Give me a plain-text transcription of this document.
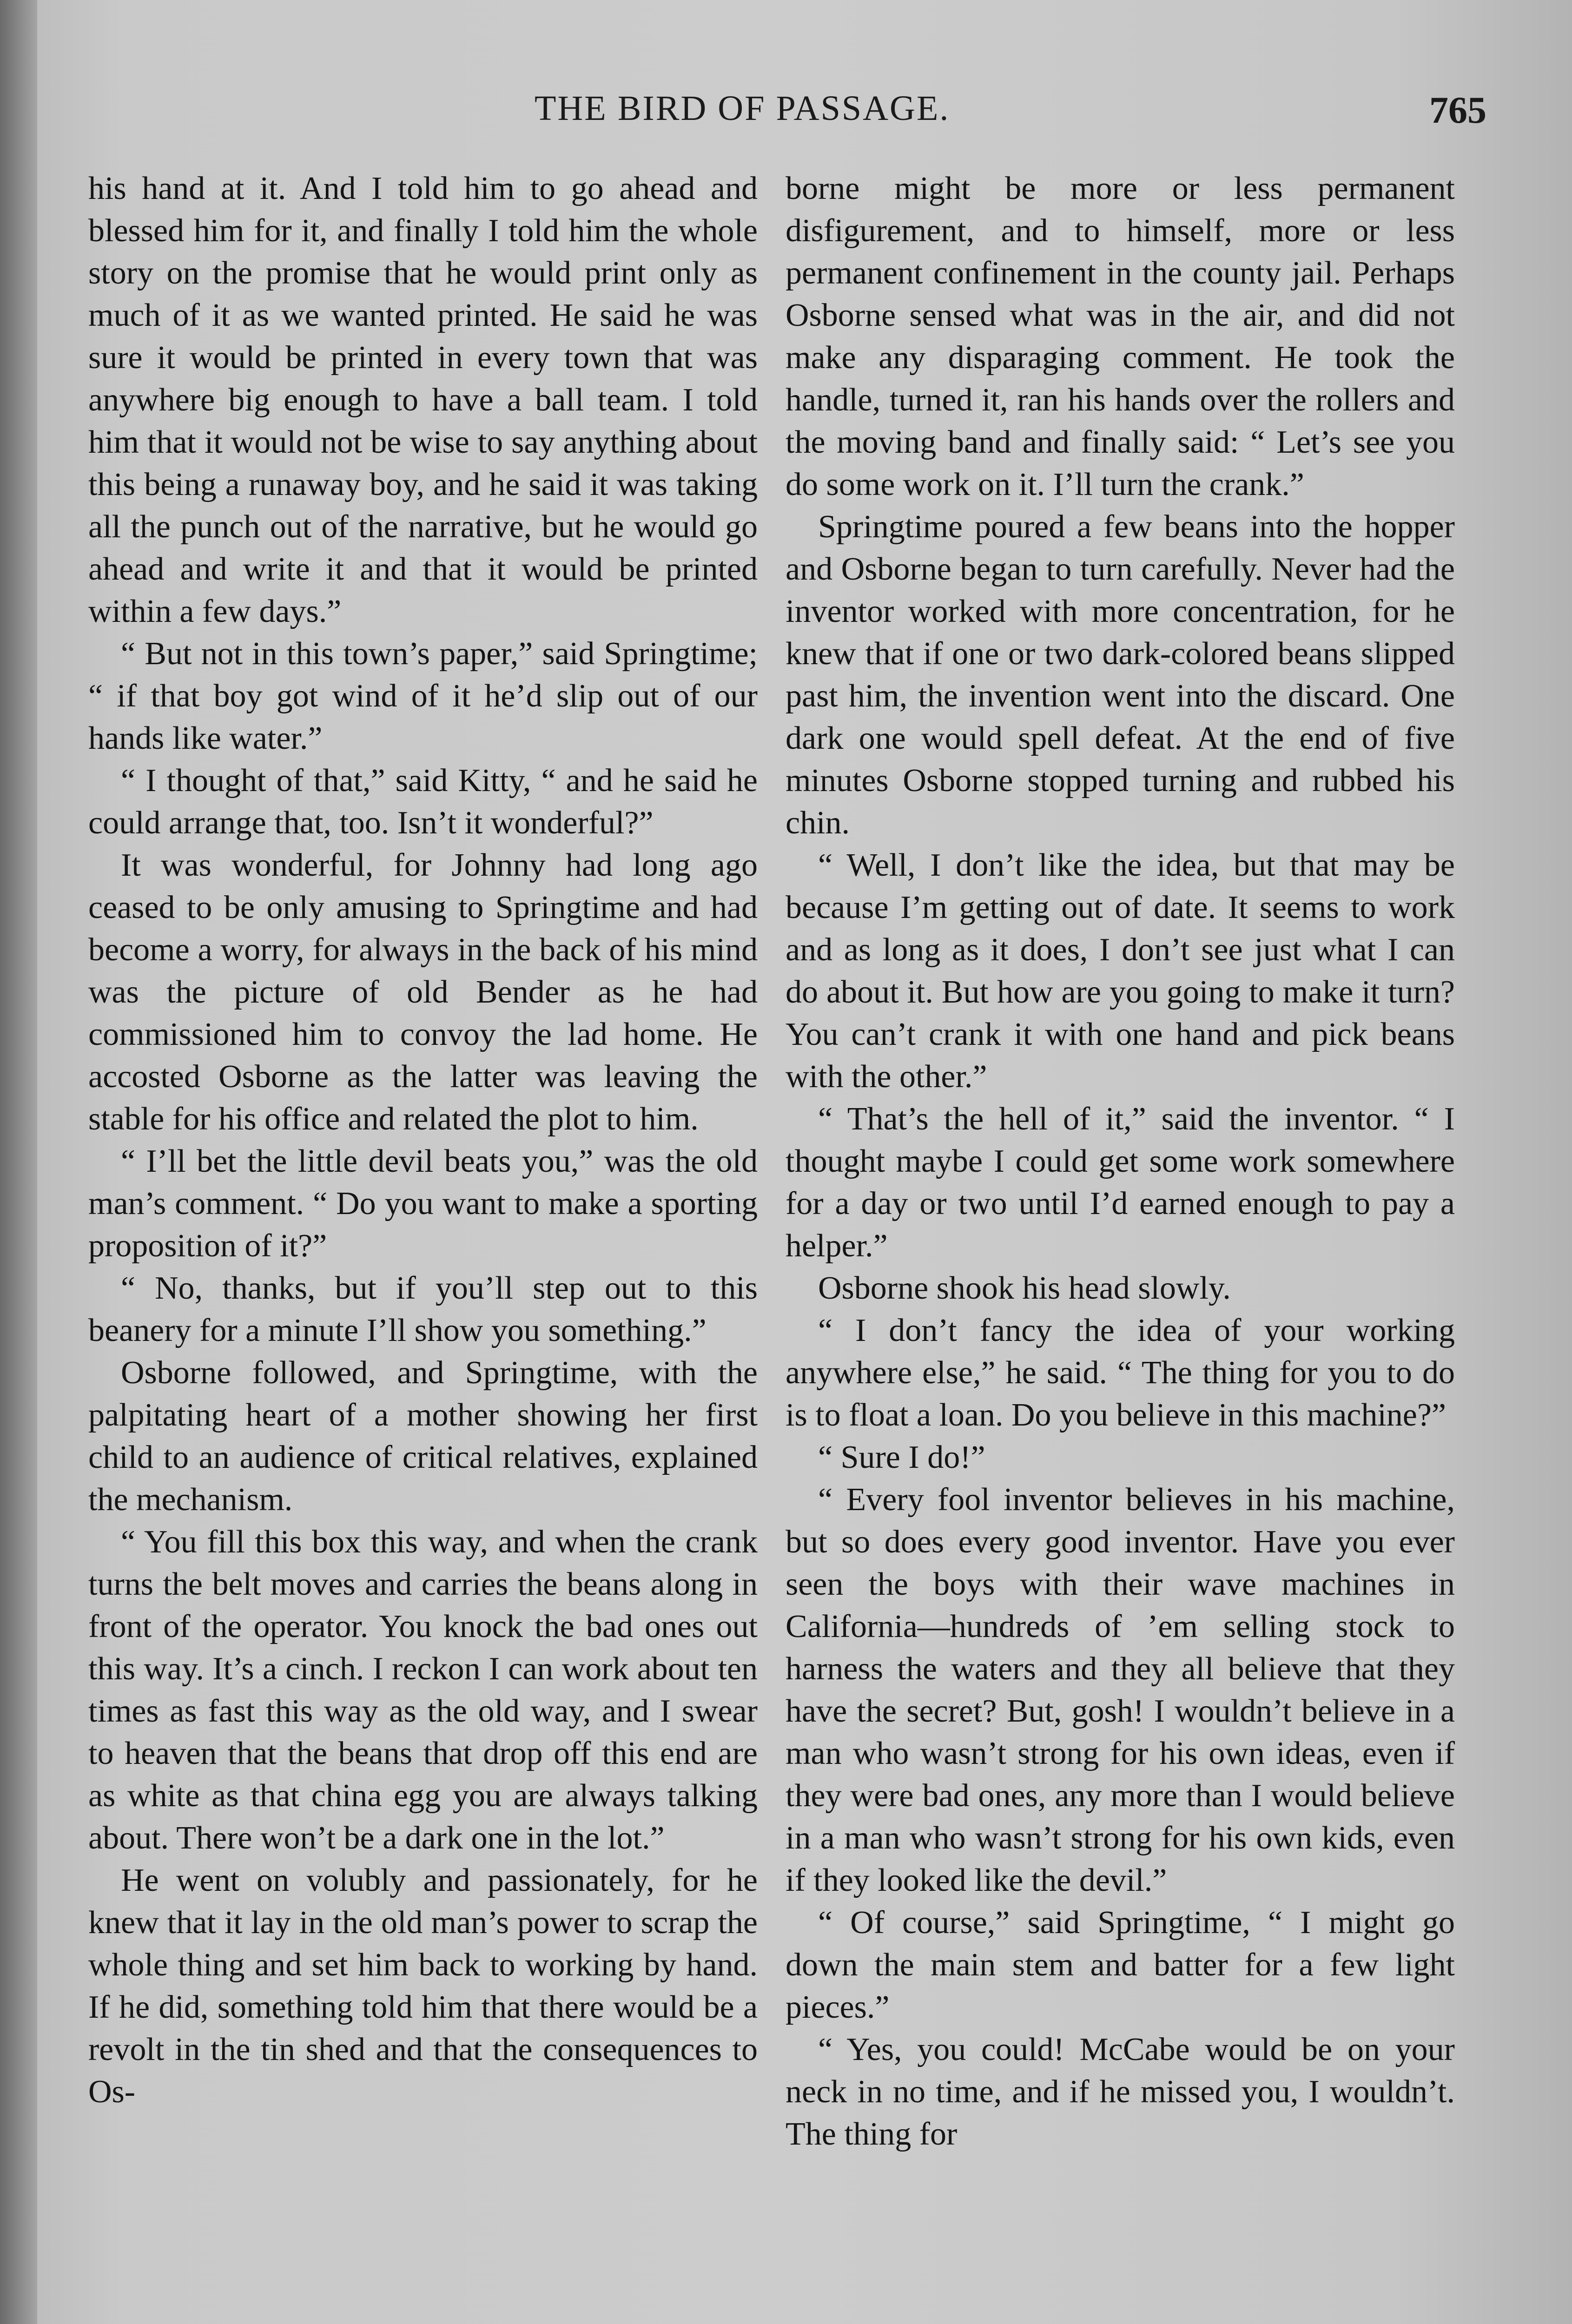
THE BIRD OF PASSAGE.	765

his hand at it. And I told him to go ahead and blessed him for it, and finally I told him the whole story on the promise that he would print only as much of it as we wanted printed. He said he was sure it would be printed in every town that was anywhere big enough to have a ball team. I told him that it would not be wise to say anything about this being a runaway boy, and he said it was taking all the punch out of the narrative, but he would go ahead and write it and that it would be printed within a few days.”

“ But not in this town’s paper,” said Springtime; “ if that boy got wind of it he’d slip out of our hands like water.”

“ I thought of that,” said Kitty, “ and he said he could arrange that, too. Isn’t it wonderful?”

It was wonderful, for Johnny had long ago ceased to be only amusing to Springtime and had become a worry, for always in the back of his mind was the picture of old Bender as he had commissioned him to convoy the lad home. He accosted Osborne as the latter was leaving the stable for his office and related the plot to him.

“ I’ll bet the little devil beats you,” was the old man’s comment. “ Do you want to make a sporting proposition of it?”

“ No, thanks, but if you’ll step out to this beanery for a minute I’ll show you something.”

Osborne followed, and Springtime, with the palpitating heart of a mother showing her first child to an audience of critical relatives, explained the mechanism.

“ You fill this box this way, and when the crank turns the belt moves and carries the beans along in front of the operator. You knock the bad ones out this way. It’s a cinch. I reckon I can work about ten times as fast this way as the old way, and I swear to heaven that the beans that drop off this end are as white as that china egg you are always talking about. There won’t be a dark one in the lot.”

He went on volubly and passionately, for he knew that it lay in the old man’s power to scrap the whole thing and set him back to working by hand. If he did, something told him that there would be a revolt in the tin shed and that the consequences to Os-

borne might be more or less permanent disfigurement, and to himself, more or less permanent confinement in the county jail. Perhaps Osborne sensed what was in the air, and did not make any disparaging comment. He took the handle, turned it, ran his hands over the rollers and the moving band and finally said: “ Let’s see you do some work on it. I’ll turn the crank.”

Springtime poured a few beans into the hopper and Osborne began to turn carefully. Never had the inventor worked with more concentration, for he knew that if one or two dark-colored beans slipped past him, the invention went into the discard. One dark one would spell defeat. At the end of five minutes Osborne stopped turning and rubbed his chin.

“ Well, I don’t like the idea, but that may be because I’m getting out of date. It seems to work and as long as it does, I don’t see just what I can do about it. But how are you going to make it turn? You can’t crank it with one hand and pick beans with the other.”

“ That’s the hell of it,” said the inventor. “ I thought maybe I could get some work somewhere for a day or two until I’d earned enough to pay a helper.”

Osborne shook his head slowly.

“ I don’t fancy the idea of your working anywhere else,” he said. “ The thing for you to do is to float a loan. Do you believe in this machine?”

“ Sure I do!”

“ Every fool inventor believes in his machine, but so does every good inventor. Have you ever seen the boys with their wave machines in California—hundreds of ’em selling stock to harness the waters and they all believe that they have the secret? But, gosh! I wouldn’t believe in a man who wasn’t strong for his own ideas, even if they were bad ones, any more than I would believe in a man who wasn’t strong for his own kids, even if they looked like the devil.”

“ Of course,” said Springtime, “ I might go down the main stem and batter for a few light pieces.”

“ Yes, you could! McCabe would be on your neck in no time, and if he missed you, I wouldn’t. The thing for
